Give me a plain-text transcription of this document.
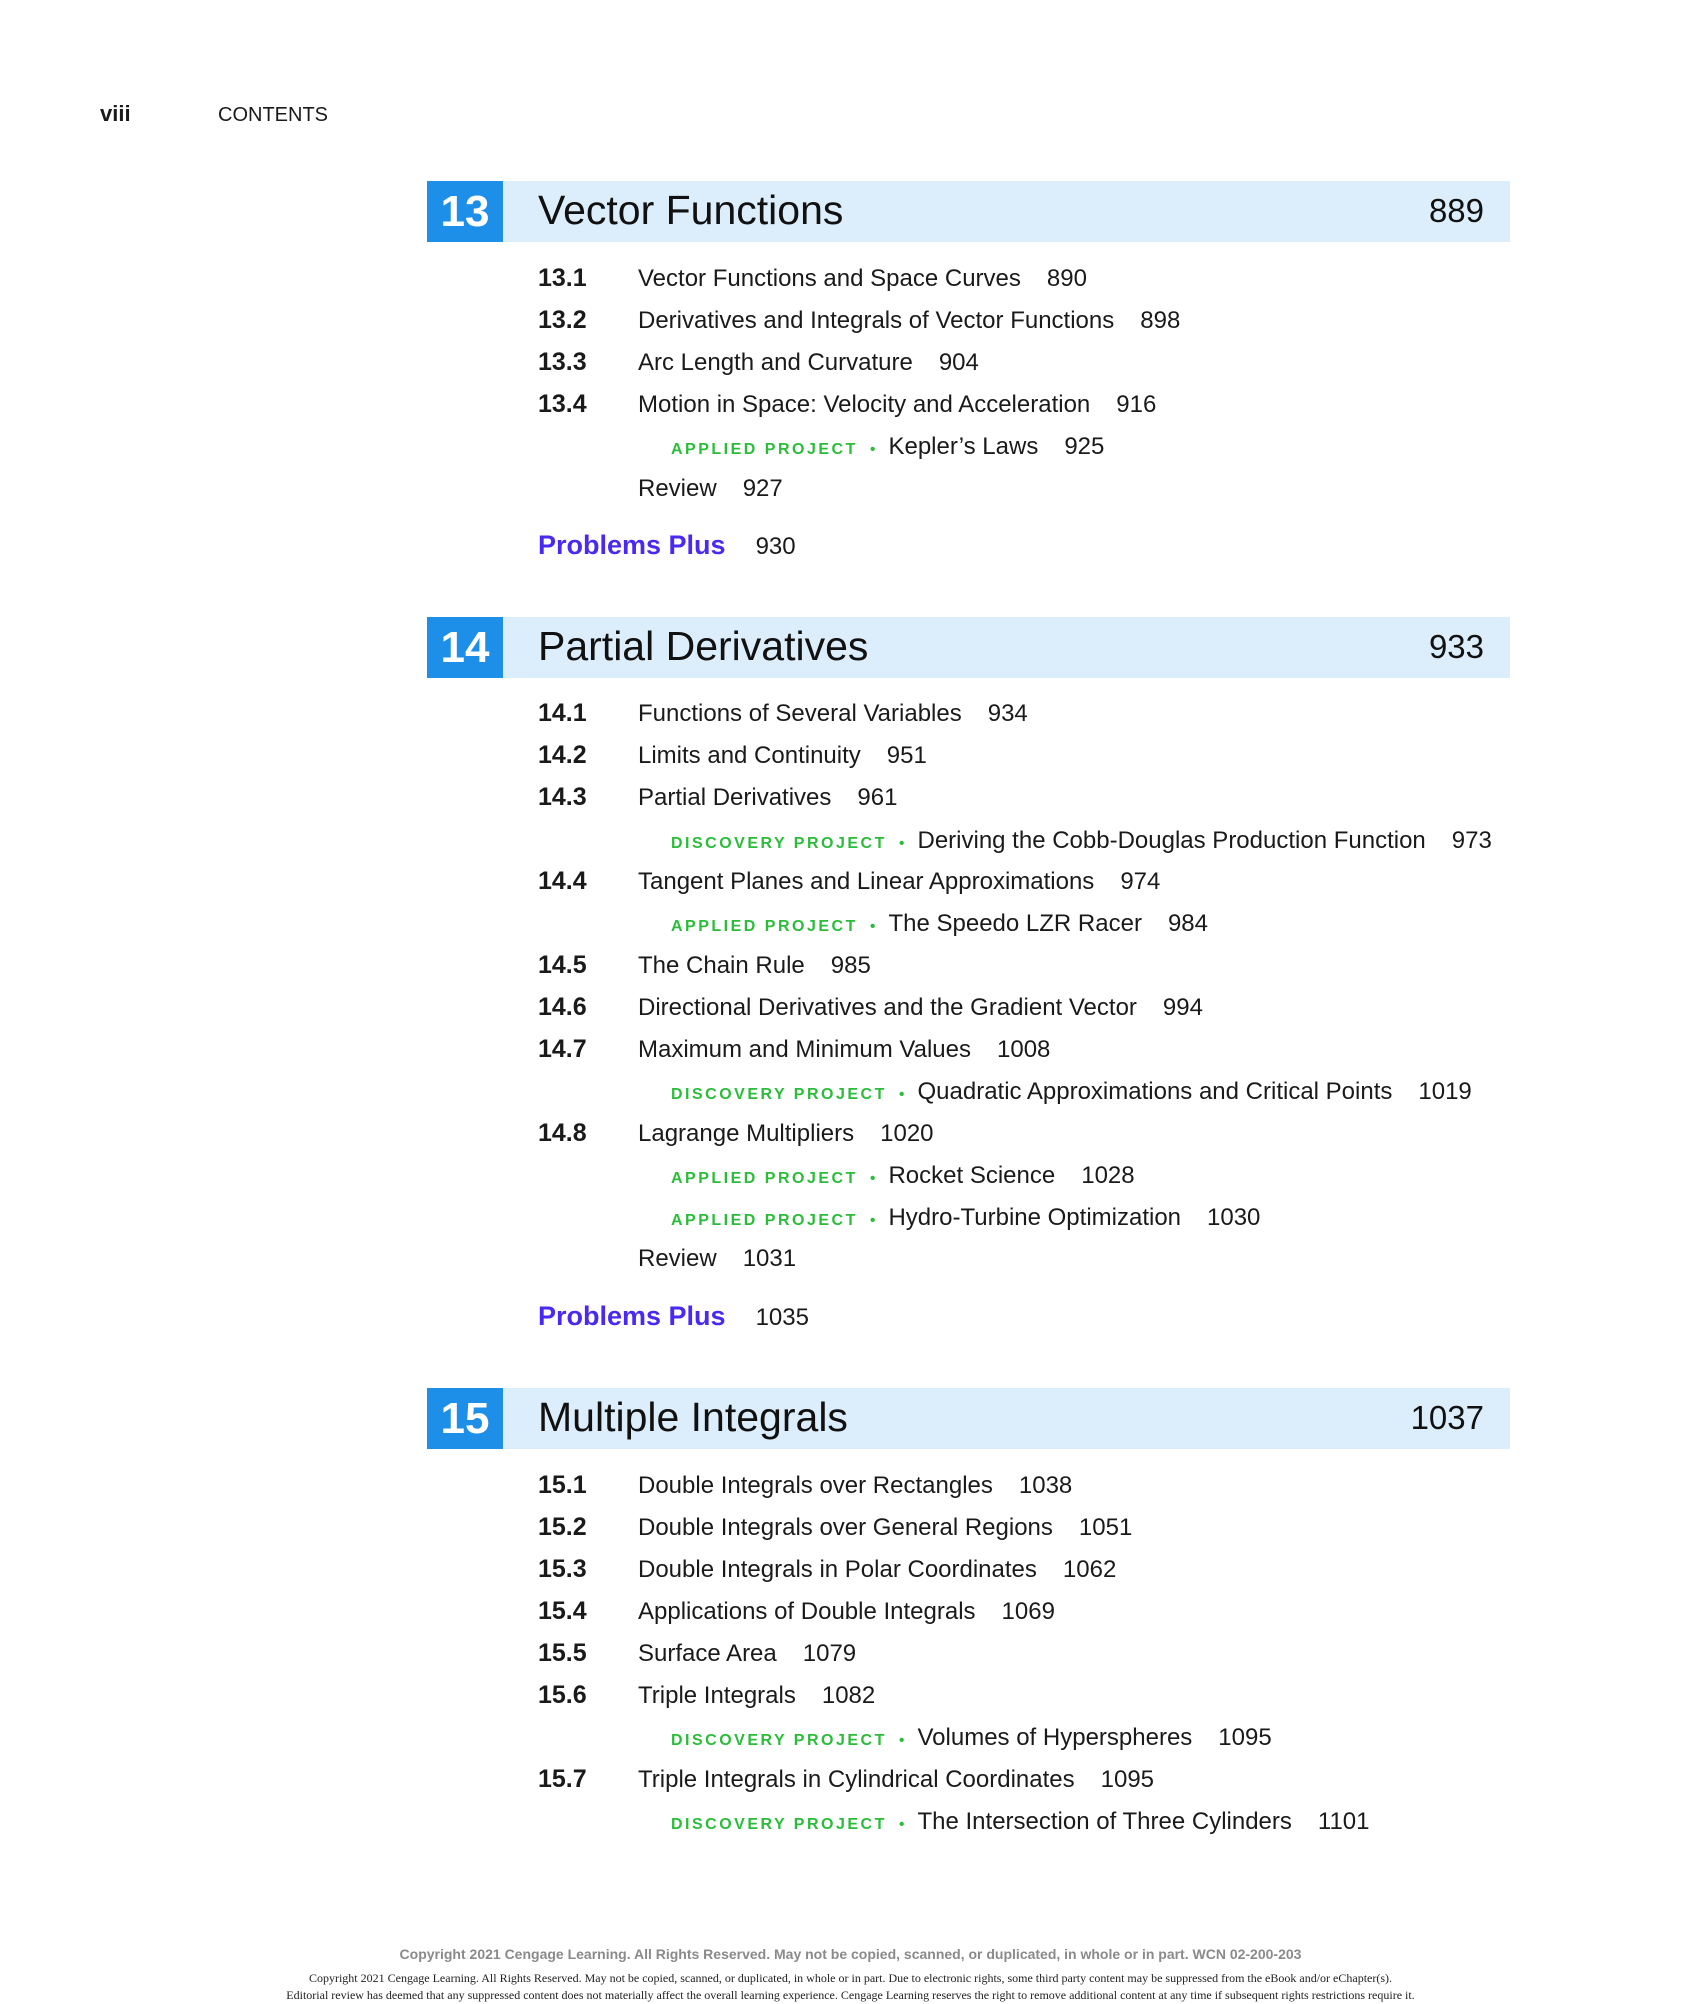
viii	CONTENTS
13	Vector Functions	889
13.1 Vector Functions and Space Curves 890
13.2 Derivatives and Integrals of Vector Functions 898
13.3 Arc Length and Curvature 904
13.4 Motion in Space: Velocity and Acceleration 916
APPLIED PROJECT • Kepler’s Laws 925
Review 927
Problems Plus 930
14	Partial Derivatives	933
14.1 Functions of Several Variables 934
14.2 Limits and Continuity 951
14.3 Partial Derivatives 961
DISCOVERY PROJECT • Deriving the Cobb-Douglas Production Function 973
14.4 Tangent Planes and Linear Approximations 974
APPLIED PROJECT • The Speedo LZR Racer 984
14.5 The Chain Rule 985
14.6 Directional Derivatives and the Gradient Vector 994
14.7 Maximum and Minimum Values 1008
DISCOVERY PROJECT • Quadratic Approximations and Critical Points 1019
14.8 Lagrange Multipliers 1020
APPLIED PROJECT • Rocket Science 1028
APPLIED PROJECT • Hydro-Turbine Optimization 1030
Review 1031
Problems Plus 1035
15	Multiple Integrals	1037
15.1 Double Integrals over Rectangles 1038
15.2 Double Integrals over General Regions 1051
15.3 Double Integrals in Polar Coordinates 1062
15.4 Applications of Double Integrals 1069
15.5 Surface Area 1079
15.6 Triple Integrals 1082
DISCOVERY PROJECT • Volumes of Hyperspheres 1095
15.7 Triple Integrals in Cylindrical Coordinates 1095
DISCOVERY PROJECT • The Intersection of Three Cylinders 1101
Copyright 2021 Cengage Learning. All Rights Reserved. May not be copied, scanned, or duplicated, in whole or in part. WCN 02-200-203
Copyright 2021 Cengage Learning. All Rights Reserved. May not be copied, scanned, or duplicated, in whole or in part. Due to electronic rights, some third party content may be suppressed from the eBook and/or eChapter(s).
Editorial review has deemed that any suppressed content does not materially affect the overall learning experience. Cengage Learning reserves the right to remove additional content at any time if subsequent rights restrictions require it.
